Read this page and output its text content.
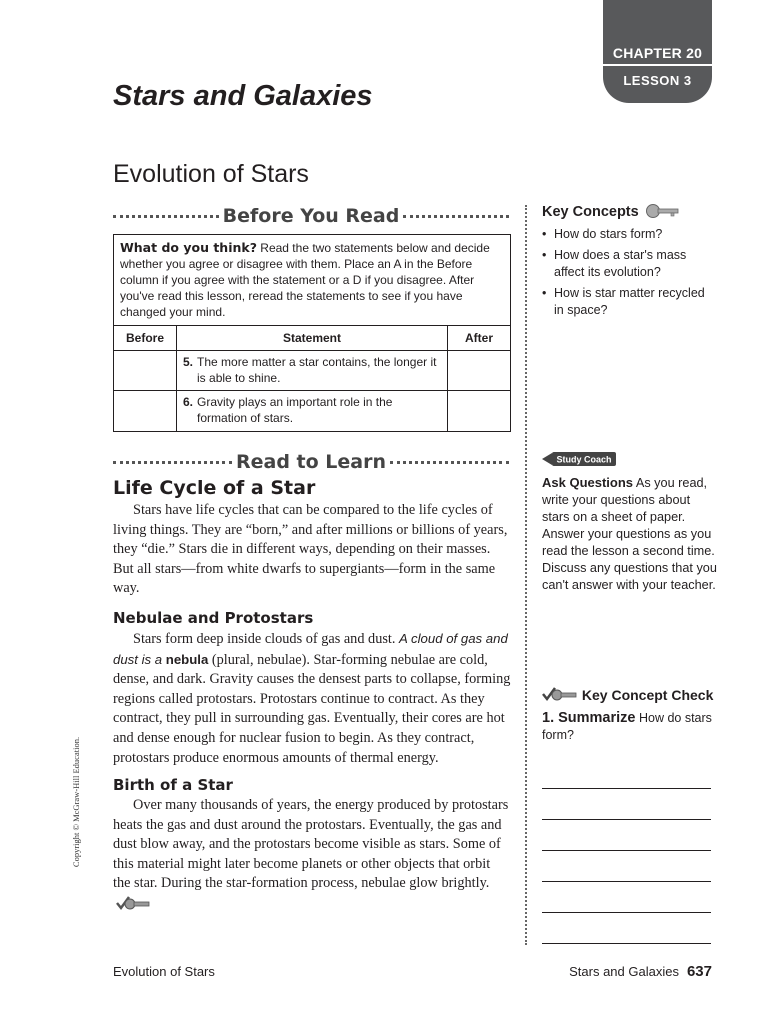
CHAPTER 20
LESSON 3
Stars and Galaxies
Evolution of Stars
Before You Read
What do you think? Read the two statements below and decide whether you agree or disagree with them. Place an A in the Before column if you agree with the statement or a D if you disagree. After you've read this lesson, reread the statements to see if you have changed your mind.
Before	Statement	After

	5. The more matter a star contains, the longer it is able to shine.	

	6. Gravity plays an important role in the formation of stars.	

Read to Learn
Life Cycle of a Star

Stars have life cycles that can be compared to the life cycles of living things. They are “born,” and after millions or billions of years, they “die.” Stars die in different ways, depending on their masses. But all stars—from white dwarfs to supergiants—form in the same way.

Nebulae and Protostars

Stars form deep inside clouds of gas and dust. A cloud of gas and dust is a nebula (plural, nebulae). Star-forming nebulae are cold, dense, and dark. Gravity causes the densest parts to collapse, forming regions called protostars. Protostars continue to contract. As they contract, they pull in surrounding gas. Eventually, their cores are hot and dense enough for nuclear fusion to begin. As they contract, protostars produce enormous amounts of thermal energy.

Birth of a Star

Over many thousands of years, the energy produced by protostars heats the gas and dust around the protostars. Eventually, the gas and dust blow away, and the protostars become visible as stars. Some of this material might later become planets or other objects that orbit the star. During the star-formation process, nebulae glow brightly.

Key Concepts
• How do stars form?
• How does a star's mass affect its evolution?
• How is star matter recycled in space?
Study Coach
Ask Questions As you read, write your questions about stars on a sheet of paper. Answer your questions as you read the lesson a second time. Discuss any questions that you can't answer with your teacher.
Key Concept Check
1. Summarize How do stars form?
Copyright © McGraw-Hill Education.
Evolution of Stars	Stars and Galaxies 637
